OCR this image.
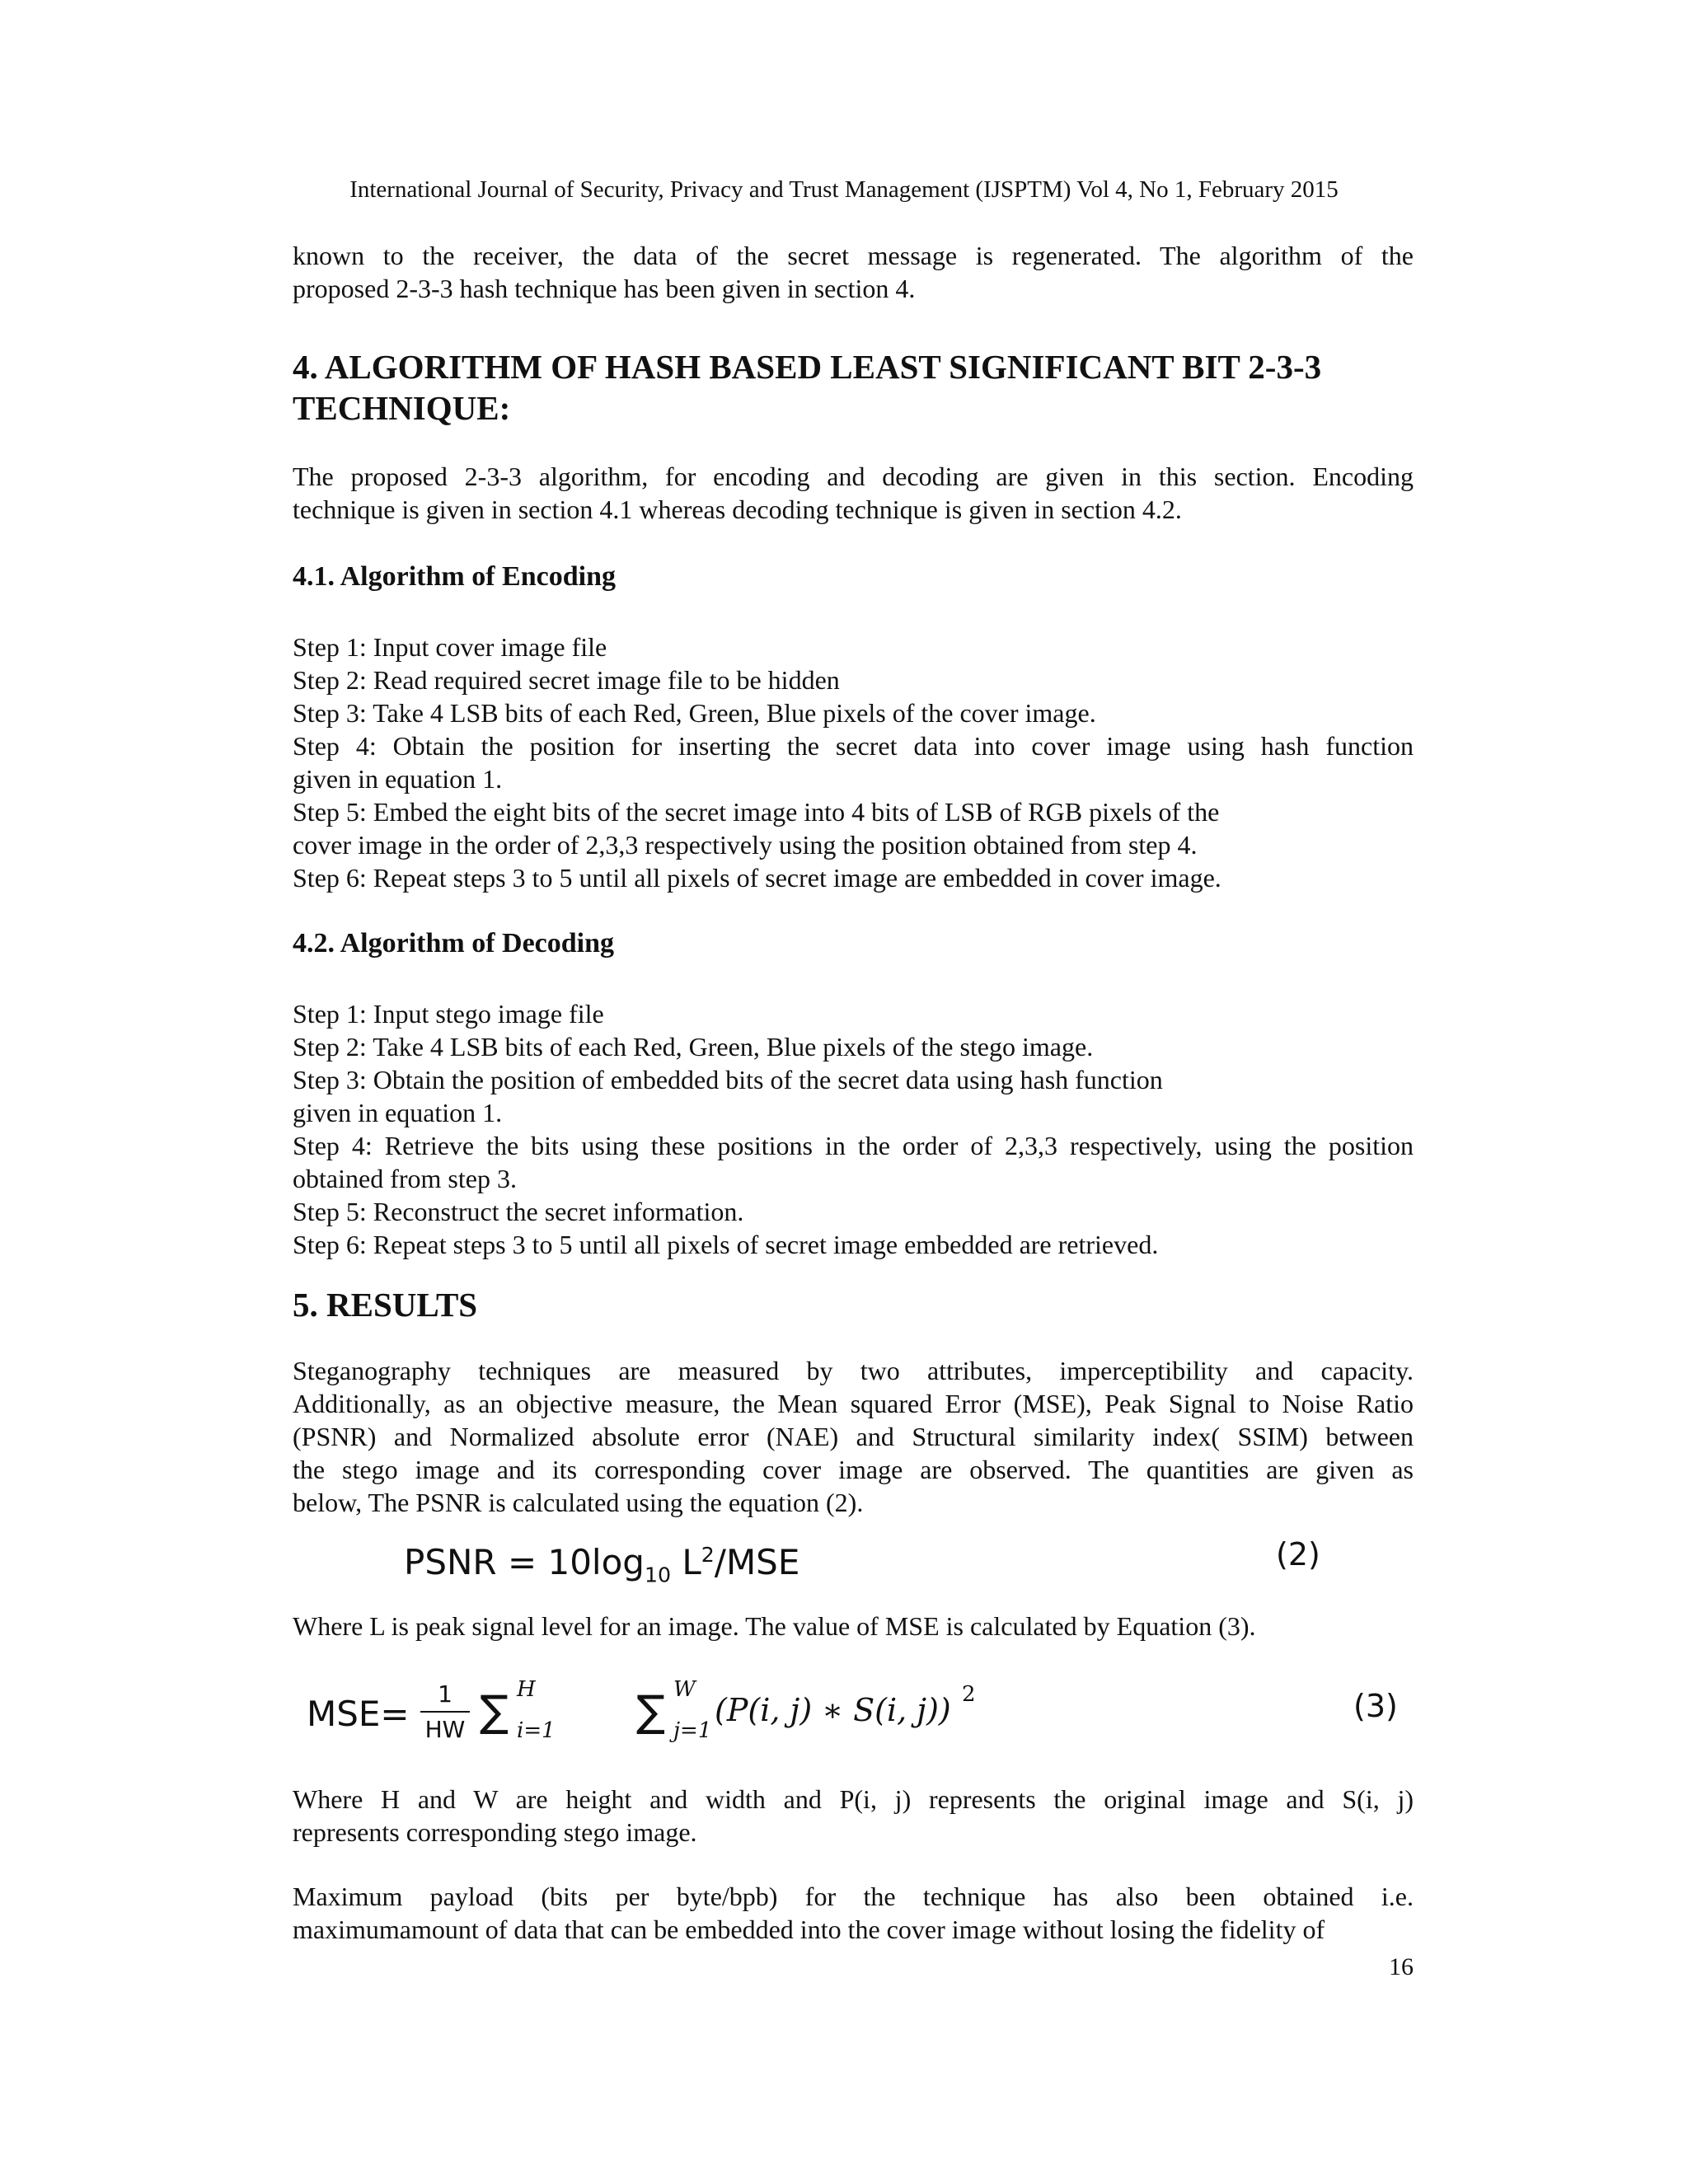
International Journal of Security, Privacy and Trust Management (IJSPTM) Vol 4, No 1, February 2015
known to the receiver, the data of the secret message is regenerated. The algorithm of the
proposed 2-3-3 hash technique has been given in section 4.
4. ALGORITHM OF HASH BASED LEAST SIGNIFICANT BIT 2-3-3
TECHNIQUE:
The proposed 2-3-3 algorithm, for encoding and decoding are given in this section. Encoding
technique is given in section 4.1 whereas decoding technique is given in section 4.2.
4.1. Algorithm of Encoding
Step 1: Input cover image file
Step 2: Read required secret image file to be hidden
Step 3: Take 4 LSB bits of each Red, Green, Blue pixels of the cover image.
Step 4: Obtain the position for inserting the secret data into cover image using hash function
given in equation 1.
Step 5: Embed the eight bits of the secret image into 4 bits of LSB of RGB pixels of the
cover image in the order of 2,3,3 respectively using the position obtained from step 4.
Step 6: Repeat steps 3 to 5 until all pixels of secret image are embedded in cover image.
4.2. Algorithm of Decoding
Step 1: Input stego image file
Step 2: Take 4 LSB bits of each Red, Green, Blue pixels of the stego image.
Step 3: Obtain the position of embedded bits of the secret data using hash function
given in equation 1.
Step 4: Retrieve the bits using these positions in the order of 2,3,3 respectively, using the position
obtained from step 3.
Step 5: Reconstruct the secret information.
Step 6: Repeat steps 3 to 5 until all pixels of secret image embedded are retrieved.
5. RESULTS
Steganography techniques are measured by two attributes, imperceptibility and capacity.
Additionally, as an objective measure, the Mean squared Error (MSE), Peak Signal to Noise Ratio
(PSNR) and Normalized absolute error (NAE) and Structural similarity index( SSIM) between
the stego image and its corresponding cover image are observed. The quantities are given as
below, The PSNR is calculated using the equation (2).
PSNR = $10\log_{10}$ $L^2$/MSE	(2)
Where L is peak signal level for an image. The value of MSE is calculated by Equation (3).
MSE=	1
HW ∑ H
i=1 ∑ W
j=1
(P(i, j) ∗ S(i, j)) 2	(3)
Where H and W are height and width and P(i, j) represents the original image and S(i, j)
represents corresponding stego image.
Maximum payload (bits per byte/bpb) for the technique has also been obtained i.e.
maximumamount of data that can be embedded into the cover image without losing the fidelity of
16
